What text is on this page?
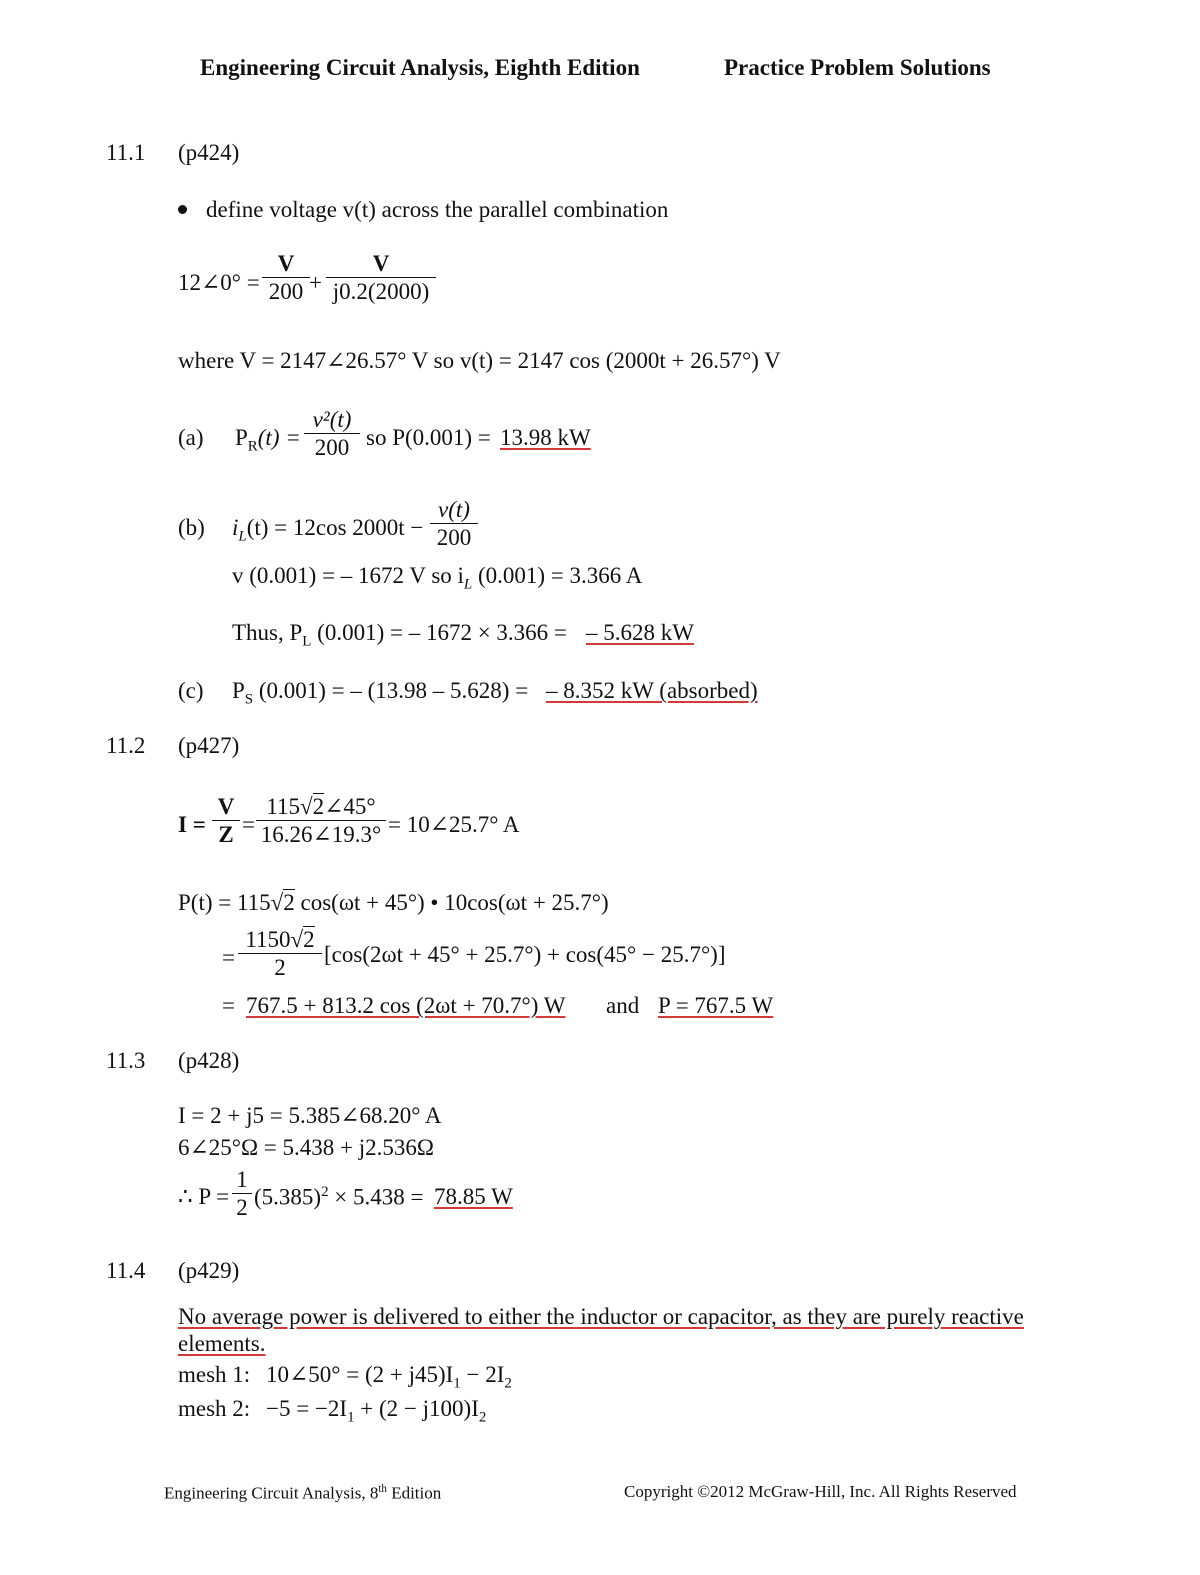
Engineering Circuit Analysis, Eighth Edition	Practice Problem Solutions
11.1 (p424)
define voltage v(t) across the parallel combination
12∠0° =
V
200 +
V
j0.2(2000)
where V = 2147∠26.57° V so v(t) = 2147 cos (2000t + 26.57°) V
(a) $P_R(t)$ =
v²(t)
200 so P(0.001) = 13.98 kW
(b) $i_L(t) = 12\cos$ 2000t −
v(t)
200
v (0.001) = – 1672 V so $i_L$ (0.001) = 3.366 A
Thus, $P_L$ (0.001) = – 1672 × 3.366 = – 5.628 kW
(c) $P_S$ (0.001) = – (13.98 – 5.628) = – 8.352 kW (absorbed)
11.2 (p427)
I =
V
Z =
115√2∠45°
16.26∠19.3° = 10∠25.7° A
P(t) = 115√2 cos(ωt + 45°) • 10cos(ωt + 25.7°)
=
1150√2
2
[cos(2ωt + 45° + 25.7°) + cos(45° − 25.7°)]
= 767.5 + 813.2 cos (2ωt + 70.7°) W and P = 767.5 W
11.3 (p428)
I = 2 + j5 = 5.385∠68.20° A
6∠25°Ω = 5.438 + j2.536Ω
∴ P =
1
2 $(5.385)^2 \times 5.438 = 78.85$ W
11.4 (p429)
No average power is delivered to either the inductor or capacitor, as they are purely reactive
elements.
mesh 1: 10∠50° = $(2 + j45)I_1 - 2I_2$
mesh 2: $-5 = -2I_1 + (2 - j100)I_2$
Engineering Circuit Analysis, 8th Edition	Copyright ©2012 McGraw-Hill, Inc. All Rights Reserved
